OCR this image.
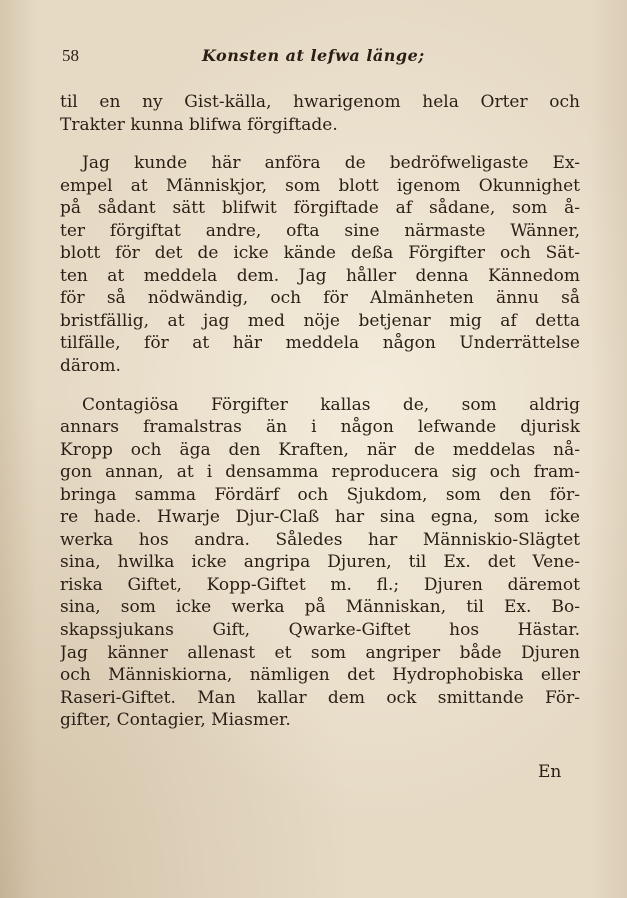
58	Konsten at lefwa länge;
til en ny Gist-källa, hwarigenom hela Orter och
Trakter kunna blifwa förgiftade.
Jag kunde här anföra de bedröfweligaste Ex-
empel at Människjor, som blott igenom Okunnighet
på sådant sätt blifwit förgiftade af sådane, som å-
ter förgiftat andre, ofta sine närmaste Wänner,
blott för det de icke kände deßa Förgifter och Sät-
ten at meddela dem. Jag håller denna Kännedom
för så nödwändig, och för Almänheten ännu så
bristfällig, at jag med nöje betjenar mig af detta
tilfälle, för at här meddela någon Underrättelse
därom.
Contagiösa Förgifter kallas de, som aldrig
annars framalstras än i någon lefwande djurisk
Kropp och äga den Kraften, när de meddelas nå-
gon annan, at i densamma reproducera sig och fram-
bringa samma Fördärf och Sjukdom, som den för-
re hade. Hwarje Djur-Claß har sina egna, som icke
werka hos andra. Således har Människio-Slägtet
sina, hwilka icke angripa Djuren, til Ex. det Vene-
riska Giftet, Kopp-Giftet m. fl.; Djuren däremot
sina, som icke werka på Människan, til Ex. Bo-
skapssjukans Gift, Qwarke-Giftet hos Hästar.
Jag känner allenast et som angriper både Djuren
och Människiorna, nämligen det Hydrophobiska eller
Raseri-Giftet. Man kallar dem ock smittande För-
gifter, Contagier, Miasmer.
En
